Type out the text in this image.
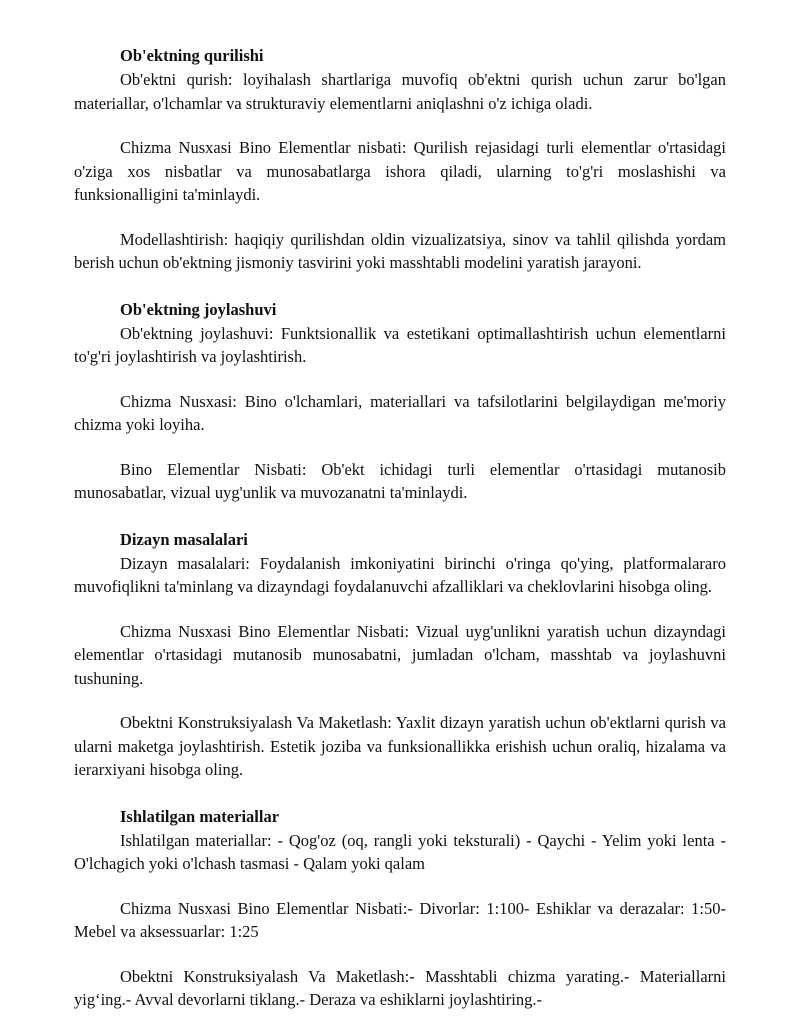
Ob'ektning qurilishi

Ob'ektni qurish: loyihalash shartlariga muvofiq ob'ektni qurish uchun zarur bo'lgan materiallar, o'lchamlar va strukturaviy elementlarni aniqlashni o'z ichiga oladi.

Chizma Nusxasi Bino Elementlar nisbati: Qurilish rejasidagi turli elementlar o'rtasidagi o'ziga xos nisbatlar va munosabatlarga ishora qiladi, ularning to'g'ri moslashishi va funksionalligini ta'minlaydi.

Modellashtirish: haqiqiy qurilishdan oldin vizualizatsiya, sinov va tahlil qilishda yordam berish uchun ob'ektning jismoniy tasvirini yoki masshtabli modelini yaratish jarayoni.

Ob'ektning joylashuvi

Ob'ektning joylashuvi: Funktsionallik va estetikani optimallashtirish uchun elementlarni to'g'ri joylashtirish va joylashtirish.

Chizma Nusxasi: Bino o'lchamlari, materiallari va tafsilotlarini belgilaydigan me'moriy chizma yoki loyiha.

Bino Elementlar Nisbati: Ob'ekt ichidagi turli elementlar o'rtasidagi mutanosib munosabatlar, vizual uyg'unlik va muvozanatni ta'minlaydi.

Dizayn masalalari

Dizayn masalalari: Foydalanish imkoniyatini birinchi o'ringa qo'ying, platformalararo muvofiqlikni ta'minlang va dizayndagi foydalanuvchi afzalliklari va cheklovlarini hisobga oling.

Chizma Nusxasi Bino Elementlar Nisbati: Vizual uyg'unlikni yaratish uchun dizayndagi elementlar o'rtasidagi mutanosib munosabatni, jumladan o'lcham, masshtab va joylashuvni tushuning.

Obektni Konstruksiyalash Va Maketlash: Yaxlit dizayn yaratish uchun ob'ektlarni qurish va ularni maketga joylashtirish. Estetik joziba va funksionallikka erishish uchun oraliq, hizalama va ierarxiyani hisobga oling.

Ishlatilgan materiallar

Ishlatilgan materiallar: - Qog'oz (oq, rangli yoki teksturali) - Qaychi - Yelim yoki lenta - O'lchagich yoki o'lchash tasmasi - Qalam yoki qalam

Chizma Nusxasi Bino Elementlar Nisbati:- Divorlar: 1:100- Eshiklar va derazalar: 1:50- Mebel va aksessuarlar: 1:25

Obektni Konstruksiyalash Va Maketlash:- Masshtabli chizma yarating.- Materiallarni yig‘ing.- Avval devorlarni tiklang.- Deraza va eshiklarni joylashtiring.-
